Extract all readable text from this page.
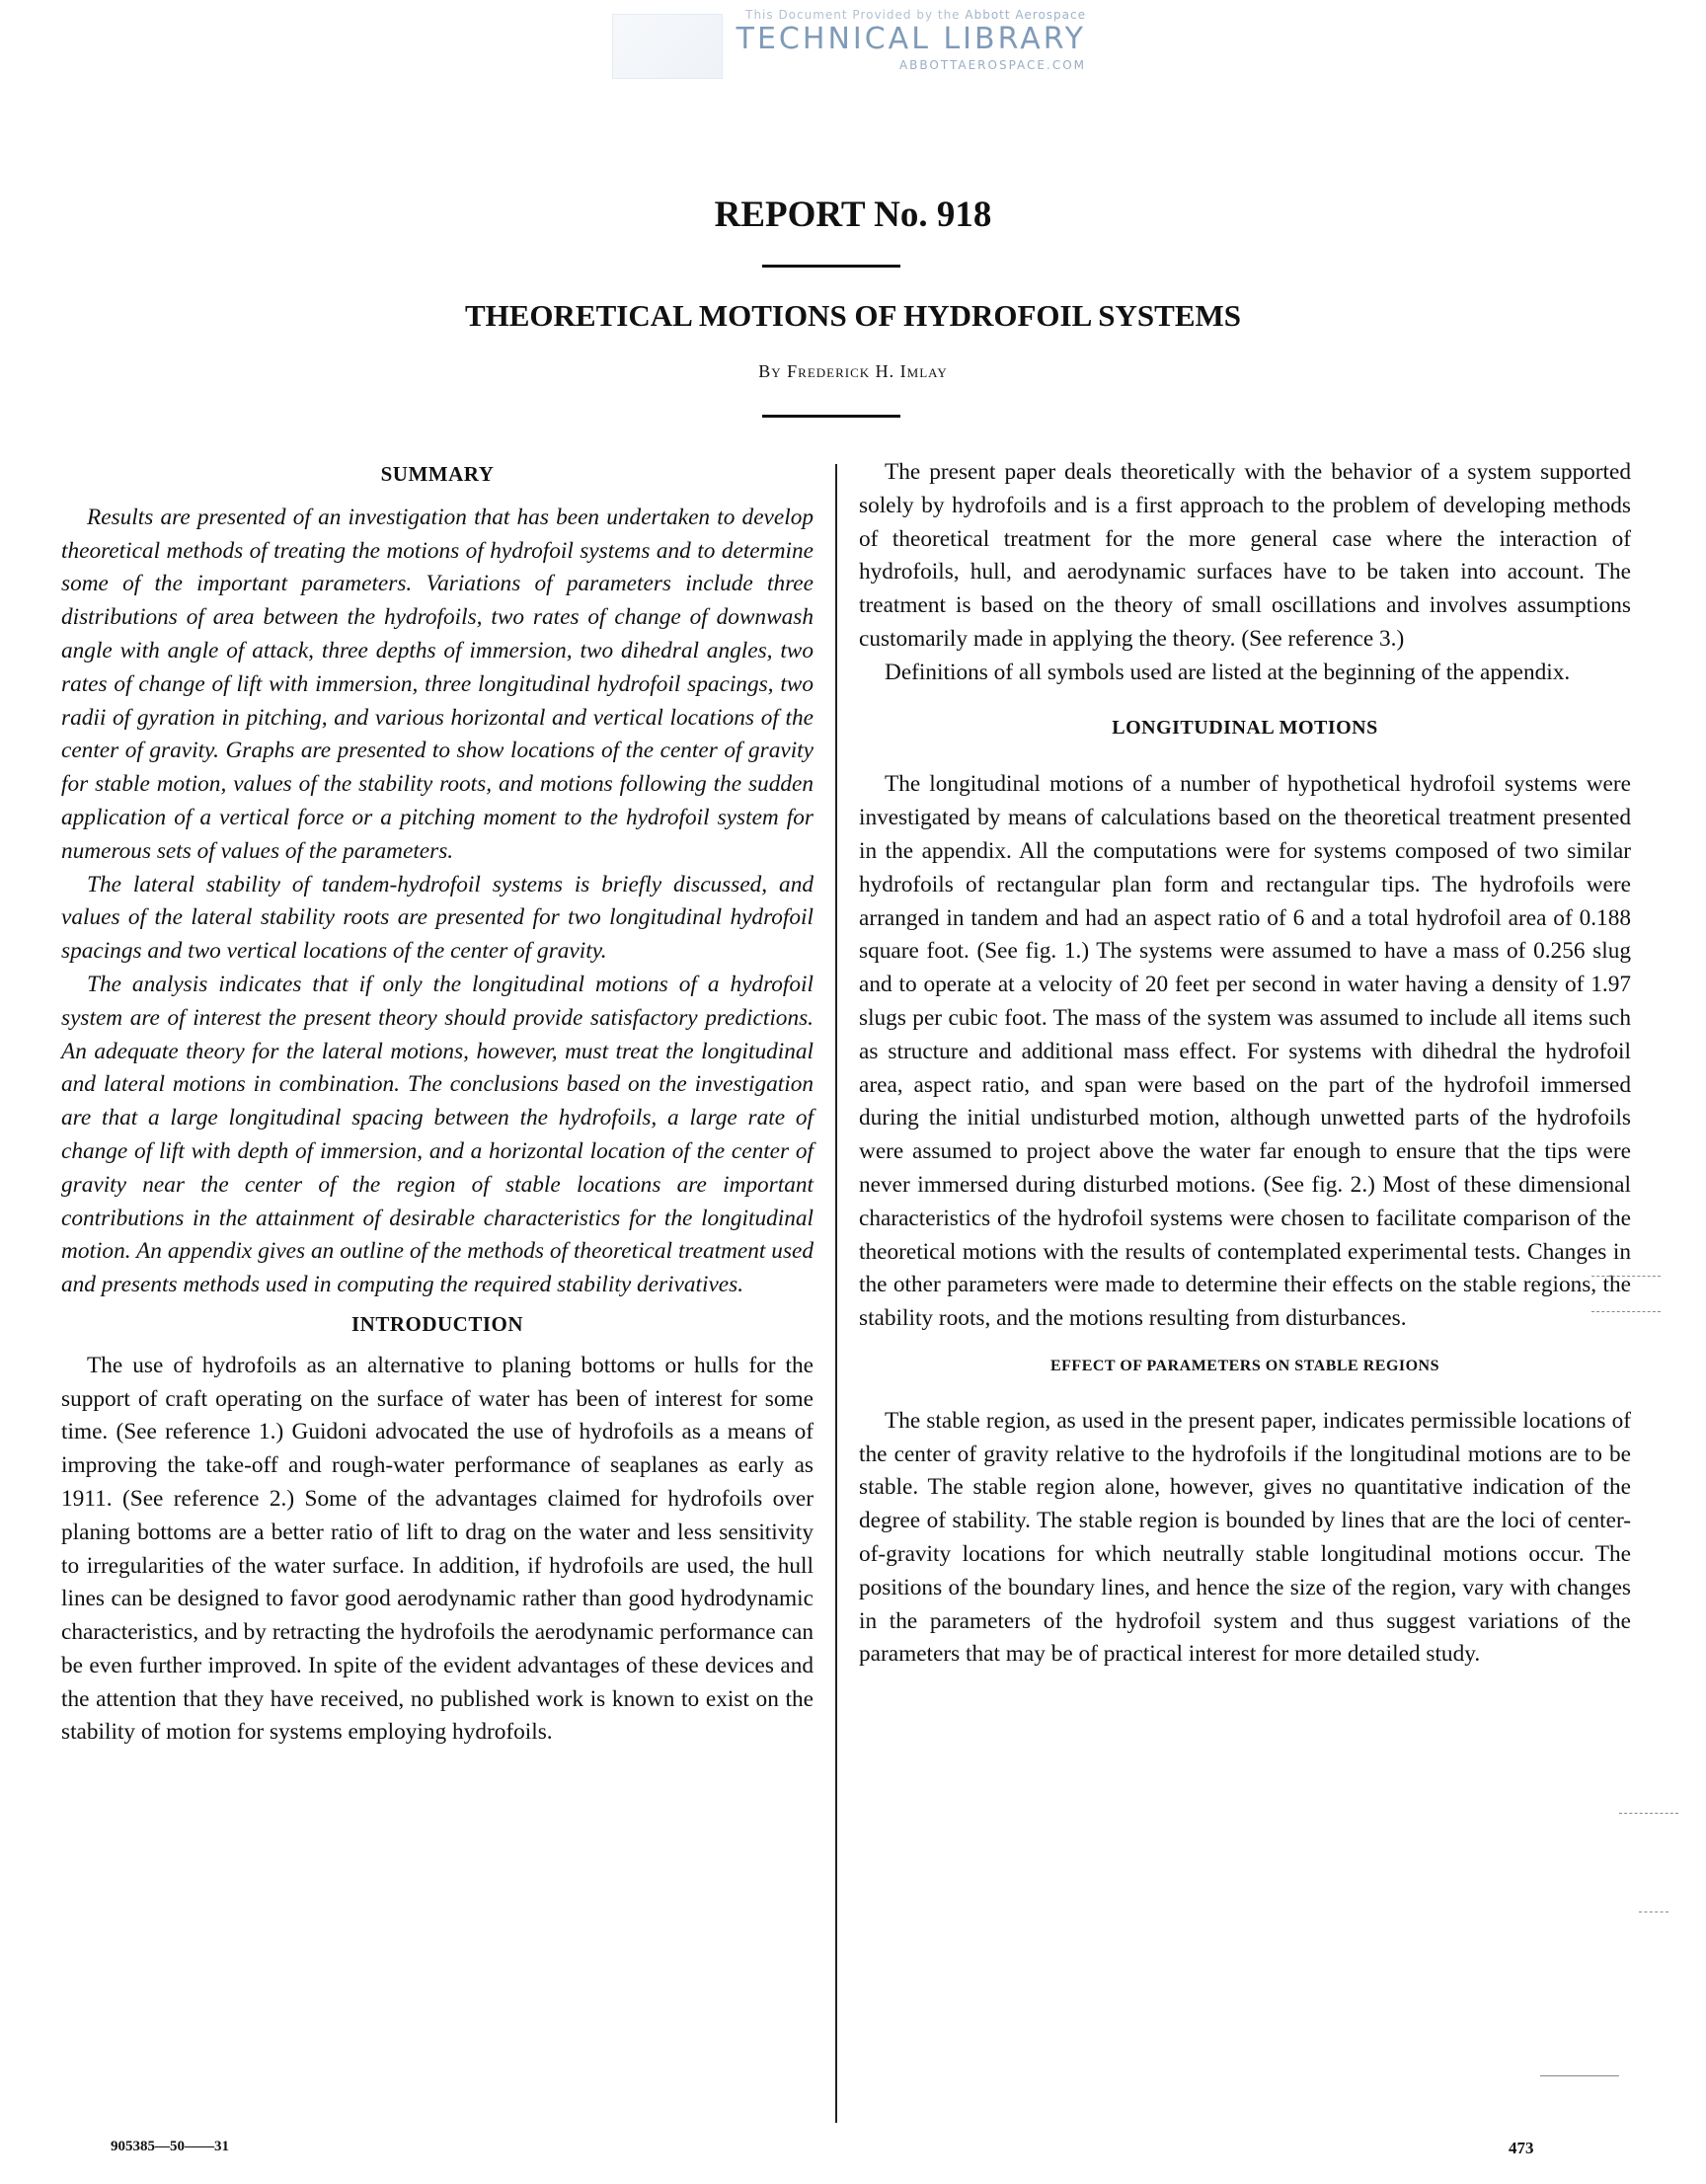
This Document Provided by the Abbott Aerospace
TECHNICAL LIBRARY
ABBOTTAEROSPACE.COM
REPORT No. 918
THEORETICAL MOTIONS OF HYDROFOIL SYSTEMS
By Frederick H. Imlay
SUMMARY

Results are presented of an investigation that has been undertaken to develop theoretical methods of treating the motions of hydrofoil systems and to determine some of the important parameters. Variations of parameters include three distributions of area between the hydrofoils, two rates of change of downwash angle with angle of attack, three depths of immersion, two dihedral angles, two rates of change of lift with immersion, three longitudinal hydrofoil spacings, two radii of gyration in pitching, and various horizontal and vertical locations of the center of gravity. Graphs are presented to show locations of the center of gravity for stable motion, values of the stability roots, and motions following the sudden application of a vertical force or a pitching moment to the hydrofoil system for numerous sets of values of the parameters.

The lateral stability of tandem-hydrofoil systems is briefly discussed, and values of the lateral stability roots are presented for two longitudinal hydrofoil spacings and two vertical locations of the center of gravity.

The analysis indicates that if only the longitudinal motions of a hydrofoil system are of interest the present theory should provide satisfactory predictions. An adequate theory for the lateral motions, however, must treat the longitudinal and lateral motions in combination. The conclusions based on the investigation are that a large longitudinal spacing between the hydrofoils, a large rate of change of lift with depth of immersion, and a horizontal location of the center of gravity near the center of the region of stable locations are important contributions in the attainment of desirable characteristics for the longitudinal motion. An appendix gives an outline of the methods of theoretical treatment used and presents methods used in computing the required stability derivatives.

INTRODUCTION

The use of hydrofoils as an alternative to planing bottoms or hulls for the support of craft operating on the surface of water has been of interest for some time. (See reference 1.) Guidoni advocated the use of hydrofoils as a means of improving the take-off and rough-water performance of seaplanes as early as 1911. (See reference 2.) Some of the advantages claimed for hydrofoils over planing bottoms are a better ratio of lift to drag on the water and less sensitivity to irregularities of the water surface. In addition, if hydrofoils are used, the hull lines can be designed to favor good aerodynamic rather than good hydrodynamic characteristics, and by retracting the hydrofoils the aerodynamic performance can be even further improved. In spite of the evident advantages of these devices and the attention that they have received, no published work is known to exist on the stability of motion for systems employing hydrofoils.

The present paper deals theoretically with the behavior of a system supported solely by hydrofoils and is a first approach to the problem of developing methods of theoretical treatment for the more general case where the interaction of hydrofoils, hull, and aerodynamic surfaces have to be taken into account. The treatment is based on the theory of small oscillations and involves assumptions customarily made in applying the theory. (See reference 3.)

Definitions of all symbols used are listed at the beginning of the appendix.

LONGITUDINAL MOTIONS

The longitudinal motions of a number of hypothetical hydrofoil systems were investigated by means of calculations based on the theoretical treatment presented in the appendix. All the computations were for systems composed of two similar hydrofoils of rectangular plan form and rectangular tips. The hydrofoils were arranged in tandem and had an aspect ratio of 6 and a total hydrofoil area of 0.188 square foot. (See fig. 1.) The systems were assumed to have a mass of 0.256 slug and to operate at a velocity of 20 feet per second in water having a density of 1.97 slugs per cubic foot. The mass of the system was assumed to include all items such as structure and additional mass effect. For systems with dihedral the hydrofoil area, aspect ratio, and span were based on the part of the hydrofoil immersed during the initial undisturbed motion, although unwetted parts of the hydrofoils were assumed to project above the water far enough to ensure that the tips were never immersed during disturbed motions. (See fig. 2.) Most of these dimensional characteristics of the hydrofoil systems were chosen to facilitate comparison of the theoretical motions with the results of contemplated experimental tests. Changes in the other parameters were made to determine their effects on the stable regions, the stability roots, and the motions resulting from disturbances.

EFFECT OF PARAMETERS ON STABLE REGIONS

The stable region, as used in the present paper, indicates permissible locations of the center of gravity relative to the hydrofoils if the longitudinal motions are to be stable. The stable region alone, however, gives no quantitative indication of the degree of stability. The stable region is bounded by lines that are the loci of center-of-gravity locations for which neutrally stable longitudinal motions occur. The positions of the boundary lines, and hence the size of the region, vary with changes in the parameters of the hydrofoil system and thus suggest variations of the parameters that may be of practical interest for more detailed study.

905385—50——31	473
